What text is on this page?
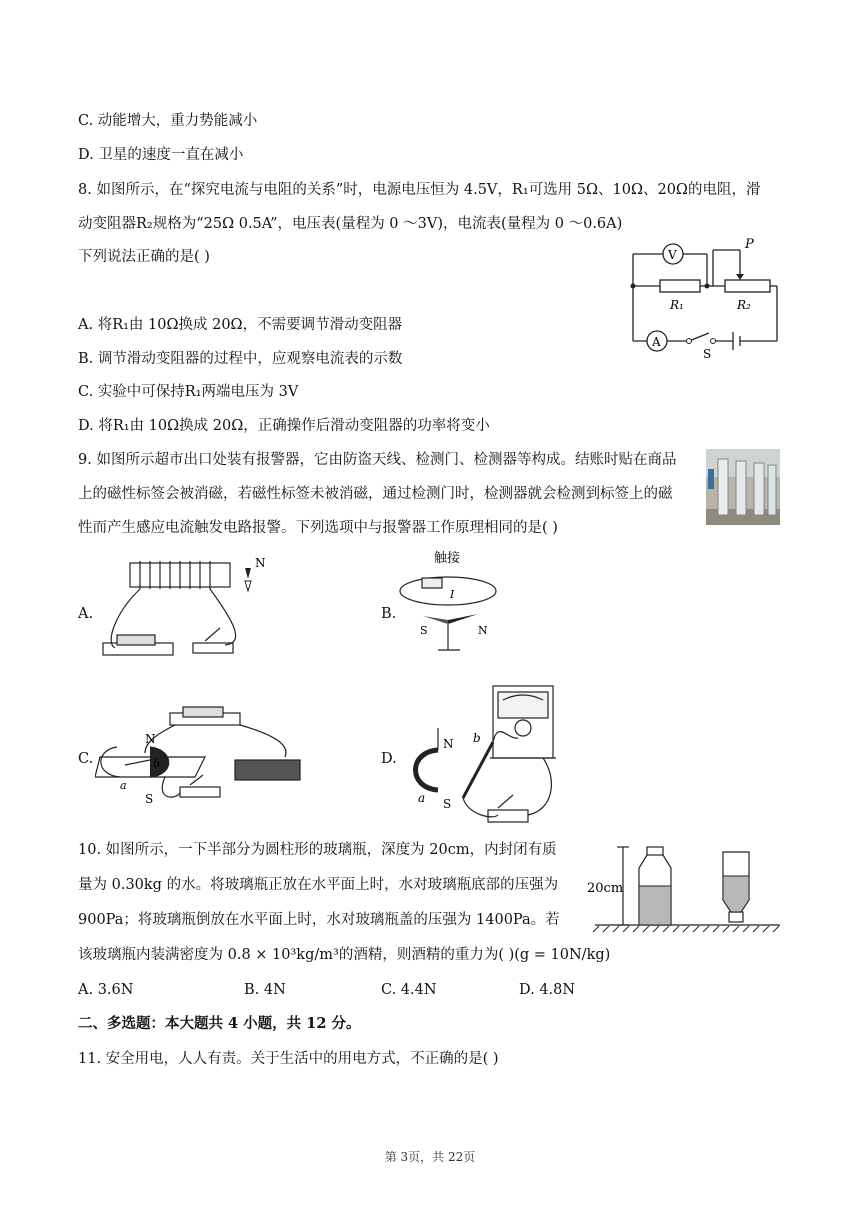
C. 动能增大，重力势能减小
D. 卫星的速度一直在减小
8. 如图所示，在“探究电流与电阻的关系”时，电源电压恒为 4.5V，R₁可选用 5Ω、10Ω、20Ω的电阻，滑
动变阻器R₂规格为“25Ω 0.5A”，电压表(量程为 0 ～3V)，电流表(量程为 0 ～0.6A)
下列说法正确的是( )	V
A
S
P
R₁	R₂
A. 将R₁由 10Ω换成 20Ω，不需要调节滑动变阻器
B. 调节滑动变阻器的过程中，应观察电流表的示数
C. 实验中可保持R₁两端电压为 3V
D. 将R₁由 10Ω换成 20Ω，正确操作后滑动变阻器的功率将变小
9. 如图所示超市出口处装有报警器，它由防盗天线、检测门、检测器等构成。结账时贴在商品
上的磁性标签会被消磁，若磁性标签未被消磁，通过检测门时，检测器就会检测到标签上的磁
性而产生感应电流触发电路报警。下列选项中与报警器工作原理相同的是( )
A.
N
B.
触接
I
S	N
C.
N
S
a
b	D.
N
S
a
b
10. 如图所示，一下半部分为圆柱形的玻璃瓶，深度为 20cm，内封闭有质
量为 0.30kg 的水。将玻璃瓶正放在水平面上时，水对玻璃瓶底部的压强为
900Pa；将玻璃瓶倒放在水平面上时，水对玻璃瓶盖的压强为 1400Pa。若
该玻璃瓶内装满密度为 0.8 × 10³kg/m³的酒精，则酒精的重力为( )(g = 10N/kg)
20cm
A. 3.6N	B. 4N	C. 4.4N	D. 4.8N
二、多选题：本大题共 4 小题，共 12 分。
11. 安全用电，人人有责。关于生活中的用电方式，不正确的是( )
第 3页，共 22页
